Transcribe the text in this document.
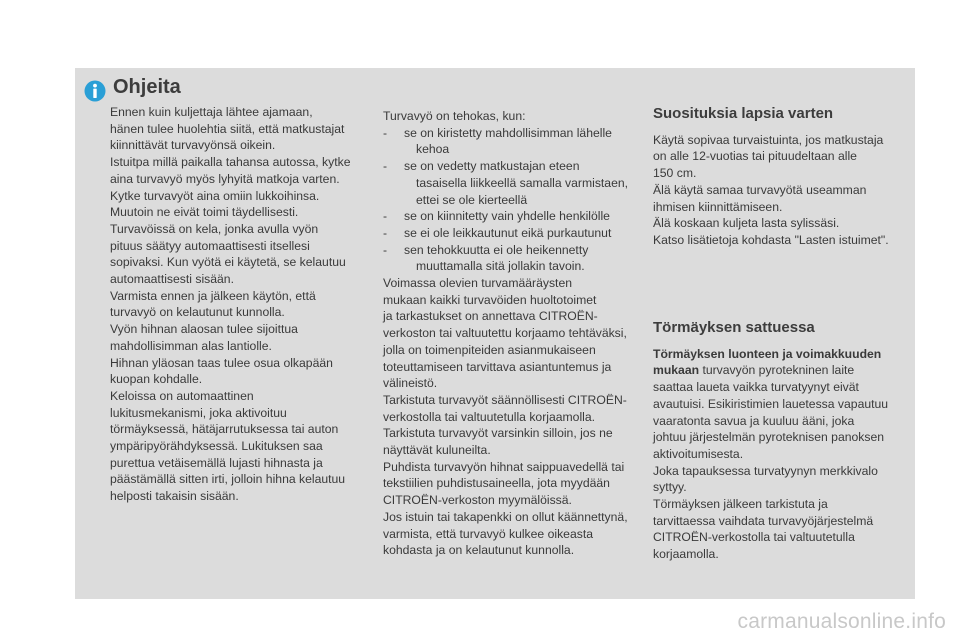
Ohjeita

Ennen kuin kuljettaja lähtee ajamaan,

hänen tulee huolehtia siitä, että matkustajat

kiinnittävät turvavyönsä oikein.

Istuitpa millä paikalla tahansa autossa, kytke

aina turvavyö myös lyhyitä matkoja varten.

Kytke turvavyöt aina omiin lukkoihinsa.

Muutoin ne eivät toimi täydellisesti.

Turvavöissä on kela, jonka avulla vyön

pituus säätyy automaattisesti itsellesi

sopivaksi. Kun vyötä ei käytetä, se kelautuu

automaattisesti sisään.

Varmista ennen ja jälkeen käytön, että

turvavyö on kelautunut kunnolla.

Vyön hihnan alaosan tulee sijoittua

mahdollisimman alas lantiolle.

Hihnan yläosan taas tulee osua olkapään

kuopan kohdalle.

Keloissa on automaattinen

lukitusmekanismi, joka aktivoituu

törmäyksessä, hätäjarrutuksessa tai auton

ympäripyörähdyksessä. Lukituksen saa

purettua vetäisemällä lujasti hihnasta ja

päästämällä sitten irti, jolloin hihna kelautuu

helposti takaisin sisään.

Turvavyö on tehokas, kun:

- se on kiristetty mahdollisimman lähelle
kehoa
- se on vedetty matkustajan eteen
tasaisella liikkeellä samalla varmistaen,
ettei se ole kierteellä
- se on kiinnitetty vain yhdelle henkilölle
- se ei ole leikkautunut eikä purkautunut
- sen tehokkuutta ei ole heikennetty
muuttamalla sitä jollakin tavoin.

Voimassa olevien turvamääräysten

mukaan kaikki turvavöiden huoltotoimet

ja tarkastukset on annettava CITROËN-

verkoston tai valtuutettu korjaamo tehtäväksi,

jolla on toimenpiteiden asianmukaiseen

toteuttamiseen tarvittava asiantuntemus ja

välineistö.

Tarkistuta turvavyöt säännöllisesti CITROËN-

verkostolla tai valtuutetulla korjaamolla.

Tarkistuta turvavyöt varsinkin silloin, jos ne

näyttävät kuluneilta.

Puhdista turvavyön hihnat saippuavedellä tai

tekstiilien puhdistusaineella, jota myydään

CITROËN-verkoston myymälöissä.

Jos istuin tai takapenkki on ollut käännettynä,

varmista, että turvavyö kulkee oikeasta

kohdasta ja on kelautunut kunnolla.

Suosituksia lapsia varten

Käytä sopivaa turvaistuinta, jos matkustaja

on alle 12-vuotias tai pituudeltaan alle

150 cm.

Älä käytä samaa turvavyötä useamman

ihmisen kiinnittämiseen.

Älä koskaan kuljeta lasta sylissäsi.

Katso lisätietoja kohdasta "Lasten istuimet".

Törmäyksen sattuessa

Törmäyksen luonteen ja voimakkuuden

mukaan turvavyön pyrotekninen laite

saattaa laueta vaikka turvatyynyt eivät

avautuisi. Esikiristimien lauetessa vapautuu

vaaratonta savua ja kuuluu ääni, joka

johtuu järjestelmän pyroteknisen panoksen

aktivoitumisesta.

Joka tapauksessa turvatyynyn merkkivalo

syttyy.

Törmäyksen jälkeen tarkistuta ja

tarvittaessa vaihdata turvavyöjärjestelmä

CITROËN-verkostolla tai valtuutetulla

korjaamolla.

carmanualsonline.info
